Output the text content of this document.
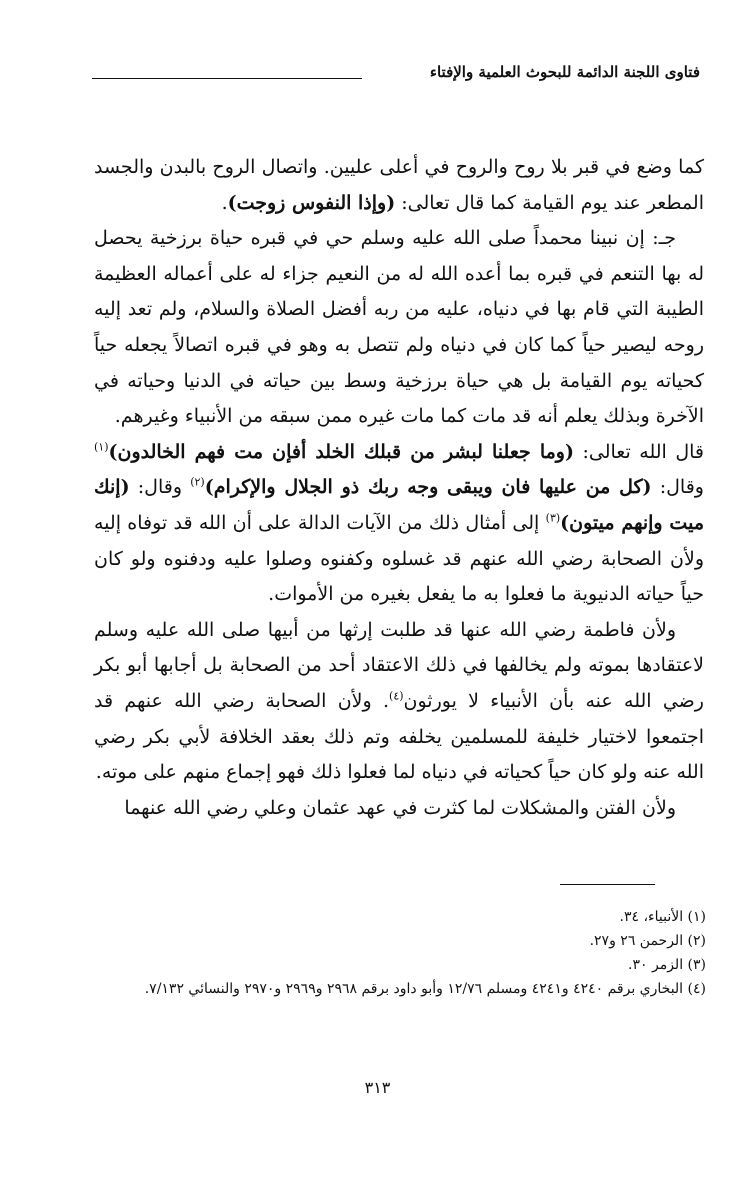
فتاوى اللجنة الدائمة للبحوث العلمية والإفتاء

كما وضع في قبر بلا روح والروح في أعلى عليين. واتصال الروح بالبدن والجسد المطعر عند يوم القيامة كما قال تعالى: (وإذا النفوس زوجت).

جـ: إن نبينا محمداً صلى الله عليه وسلم حي في قبره حياة برزخية يحصل له بها التنعم في قبره بما أعده الله له من النعيم جزاء له على أعماله العظيمة الطيبة التي قام بها في دنياه، عليه من ربه أفضل الصلاة والسلام، ولم تعد إليه روحه ليصير حياً كما كان في دنياه ولم تتصل به وهو في قبره اتصالاً يجعله حياً كحياته يوم القيامة بل هي حياة برزخية وسط بين حياته في الدنيا وحياته في الآخرة وبذلك يعلم أنه قد مات كما مات غيره ممن سبقه من الأنبياء وغيرهم.

قال الله تعالى: (وما جعلنا لبشر من قبلك الخلد أفإن مت فهم الخالدون)$^{(١)}$ وقال: (كل من عليها فان ويبقى وجه ربك ذو الجلال والإكرام)$^{(٢)}$ وقال: (إنك ميت وإنهم ميتون)$^{(٣)}$ إلى أمثال ذلك من الآيات الدالة على أن الله قد توفاه إليه ولأن الصحابة رضي الله عنهم قد غسلوه وكفنوه وصلوا عليه ودفنوه ولو كان حياً حياته الدنيوية ما فعلوا به ما يفعل بغيره من الأموات.

ولأن فاطمة رضي الله عنها قد طلبت إرثها من أبيها صلى الله عليه وسلم لاعتقادها بموته ولم يخالفها في ذلك الاعتقاد أحد من الصحابة بل أجابها أبو بكر رضي الله عنه بأن الأنبياء لا يورثون$^{(٤)}$. ولأن الصحابة رضي الله عنهم قد اجتمعوا لاختيار خليفة للمسلمين يخلفه وتم ذلك بعقد الخلافة لأبي بكر رضي الله عنه ولو كان حياً كحياته في دنياه لما فعلوا ذلك فهو إجماع منهم على موته.

ولأن الفتن والمشكلات لما كثرت في عهد عثمان وعلي رضي الله عنهما

(١) الأنبياء، ٣٤.

(٢) الرحمن ٢٦ و٢٧.

(٣) الزمر ٣٠.

(٤) البخاري برقم ٤٢٤٠ و٤٢٤١ ومسلم ١٢/٧٦ وأبو داود برقم ٢٩٦٨ و٢٩٦٩ و٢٩٧٠ والنسائي ٧/١٣٢.

٣١٣
